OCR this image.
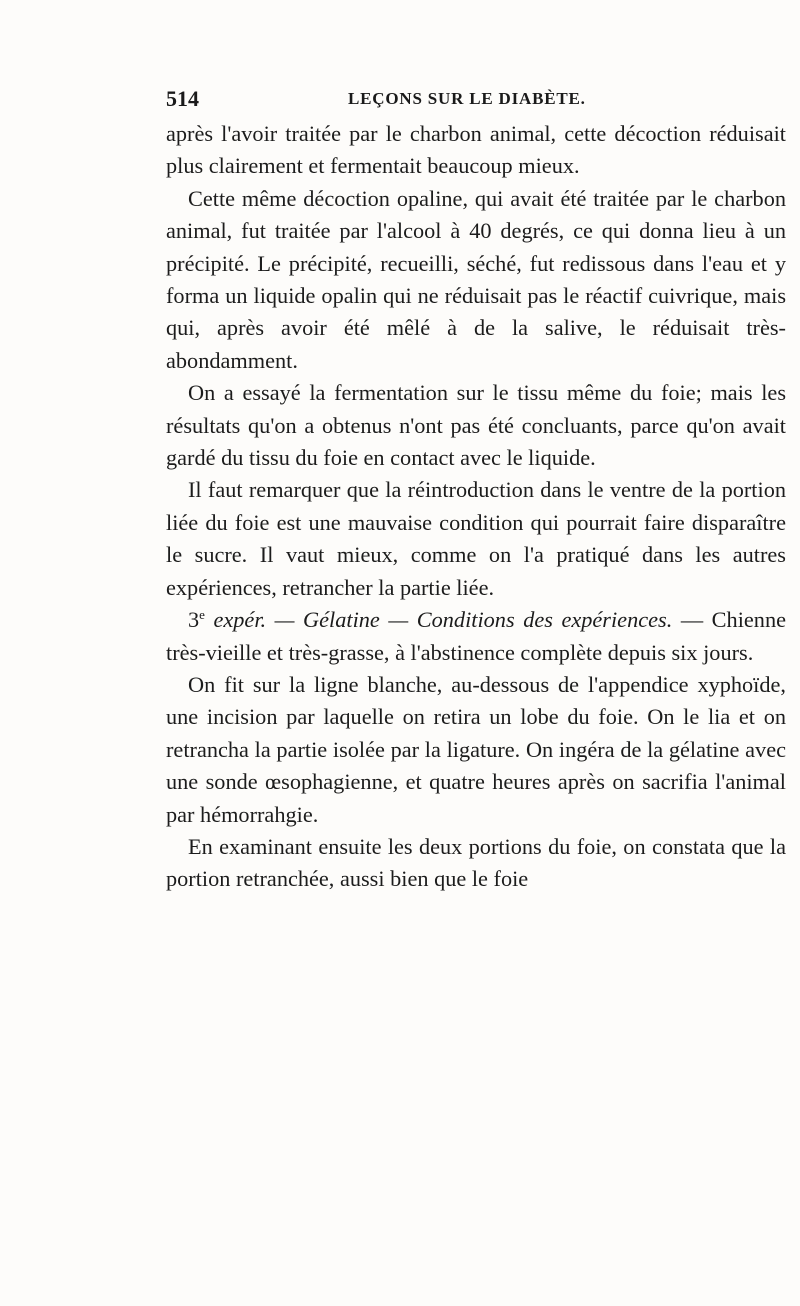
514	LEÇONS SUR LE DIABÈTE.

après l'avoir traitée par le charbon animal, cette décoction réduisait plus clairement et fermentait beaucoup mieux.

Cette même décoction opaline, qui avait été traitée par le charbon animal, fut traitée par l'alcool à 40 degrés, ce qui donna lieu à un précipité. Le précipité, recueilli, séché, fut redissous dans l'eau et y forma un liquide opalin qui ne réduisait pas le réactif cuivrique, mais qui, après avoir été mêlé à de la salive, le réduisait très-abondamment.

On a essayé la fermentation sur le tissu même du foie; mais les résultats qu'on a obtenus n'ont pas été concluants, parce qu'on avait gardé du tissu du foie en contact avec le liquide.

Il faut remarquer que la réintroduction dans le ventre de la portion liée du foie est une mauvaise condition qui pourrait faire disparaître le sucre. Il vaut mieux, comme on l'a pratiqué dans les autres expériences, retrancher la partie liée.

3e expér. — Gélatine — Conditions des expériences. — Chienne très-vieille et très-grasse, à l'abstinence complète depuis six jours.

On fit sur la ligne blanche, au-dessous de l'appendice xyphoïde, une incision par laquelle on retira un lobe du foie. On le lia et on retrancha la partie isolée par la ligature. On ingéra de la gélatine avec une sonde œsophagienne, et quatre heures après on sacrifia l'animal par hémorrahgie.

En examinant ensuite les deux portions du foie, on constata que la portion retranchée, aussi bien que le foie
